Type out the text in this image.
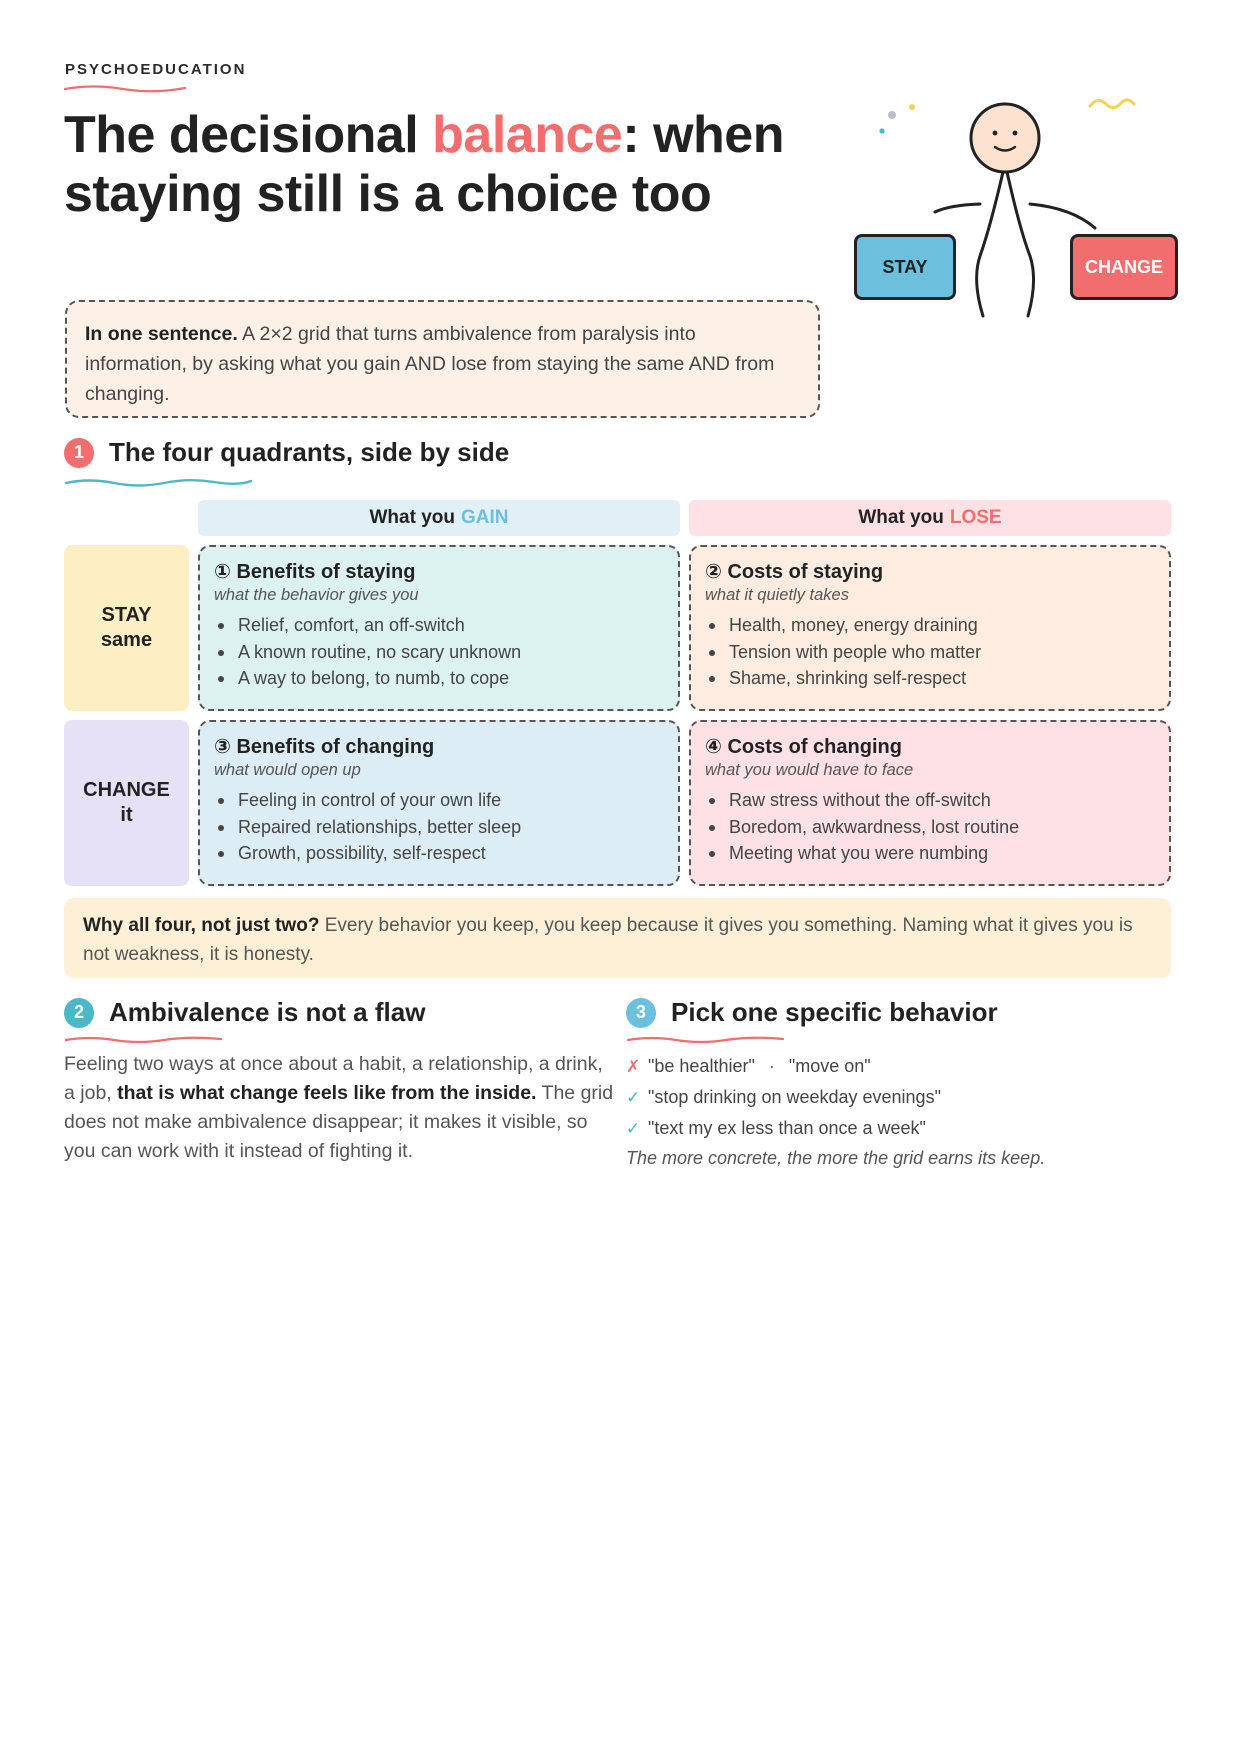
PSYCHOEDUCATION
The decisional balance: when staying still is a choice too
STAY	CHANGE
In one sentence. A 2×2 grid that turns ambivalence from paralysis into information, by asking what you gain AND lose from staying the same AND from changing.
1 The four quadrants, side by side
What you GAIN	What you LOSE
STAY
same
CHANGE
it
① Benefits of staying
what the behavior gives you
Relief, comfort, an off-switch
A known routine, no scary unknown
A way to belong, to numb, to cope
② Costs of staying
what it quietly takes
Health, money, energy draining
Tension with people who matter
Shame, shrinking self-respect
③ Benefits of changing
what would open up
Feeling in control of your own life
Repaired relationships, better sleep
Growth, possibility, self-respect
④ Costs of changing
what you would have to face
Raw stress without the off-switch
Boredom, awkwardness, lost routine
Meeting what you were numbing
Why all four, not just two? Every behavior you keep, you keep because it gives you something. Naming what it gives you is not weakness, it is honesty.
2 Ambivalence is not a flaw

Feeling two ways at once about a habit, a relationship, a drink, a job, that is what change feels like from the inside. The grid does not make ambivalence disappear; it makes it visible, so you can work with it instead of fighting it.

3 Pick one specific behavior
✗ "be healthier" · "move on"
✓ "stop drinking on weekday evenings"
✓ "text my ex less than once a week"
The more concrete, the more the grid earns its keep.
